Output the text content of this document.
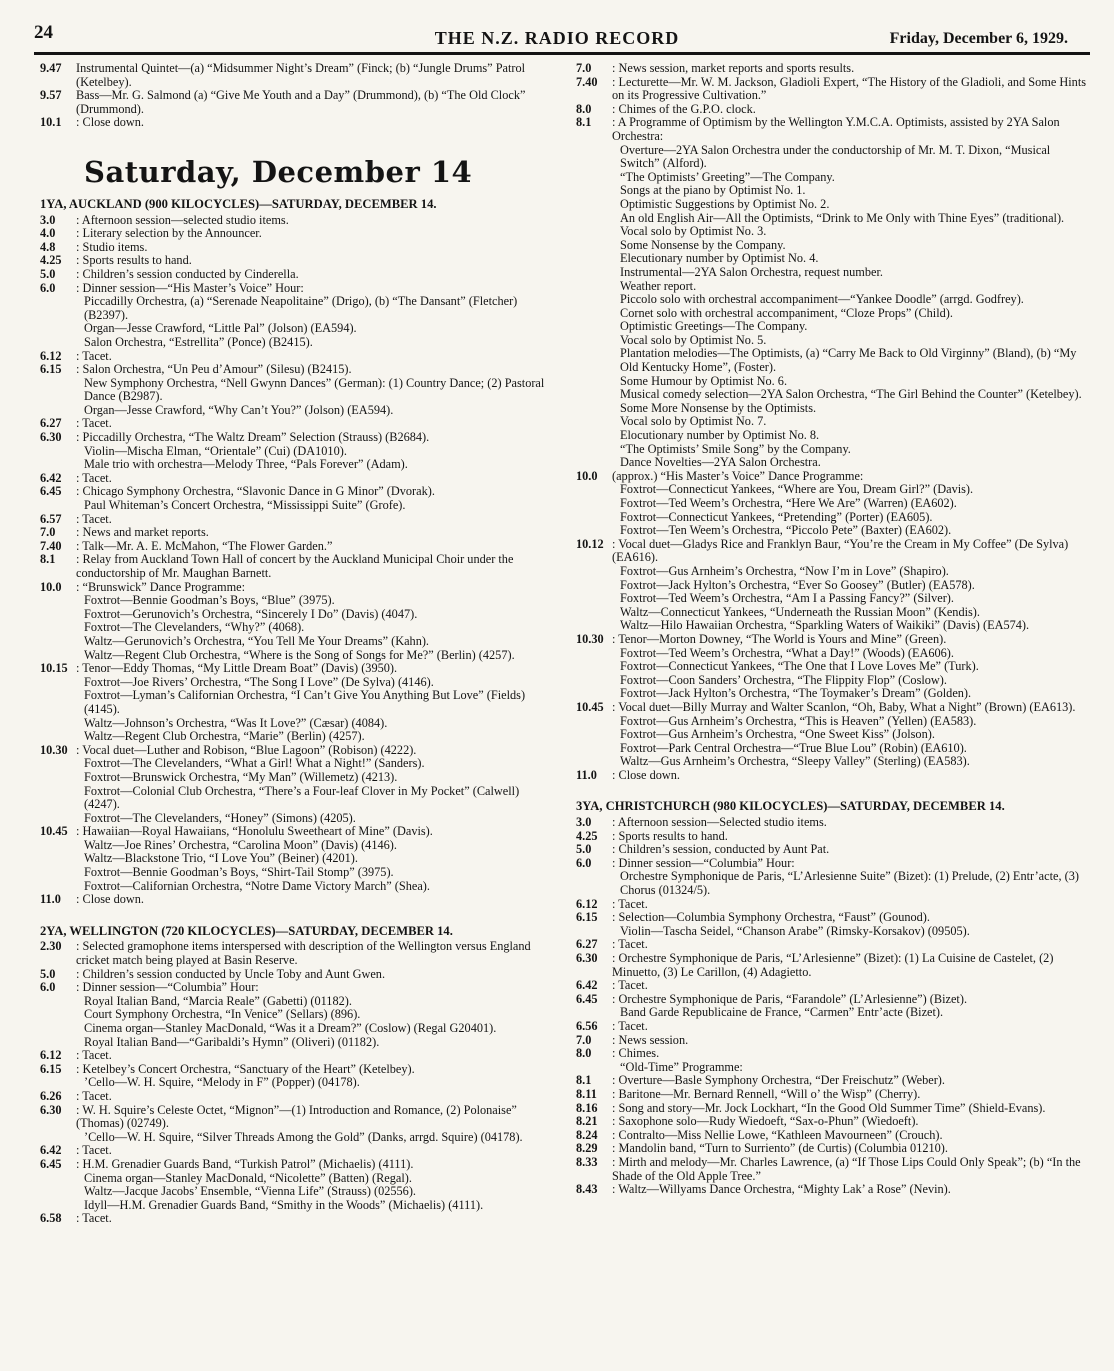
24	THE N.Z. RADIO RECORD	Friday, December 6, 1929.
9.47	Instrumental Quintet—(a) “Midsummer Night’s Dream” (Finck; (b) “Jungle Drums” Patrol (Ketelbey).
9.57	Bass—Mr. G. Salmond (a) “Give Me Youth and a Day” (Drummond), (b) “The Old Clock” (Drummond).
10.1	: Close down.
Saturday, December 14
1YA, AUCKLAND (900 KILOCYCLES)—SATURDAY, DECEMBER 14.
3.0	: Afternoon session—selected studio items.
4.0	: Literary selection by the Announcer.
4.8	: Studio items.
4.25	: Sports results to hand.
5.0	: Children’s session conducted by Cinderella.
6.0	: Dinner session—“His Master’s Voice” Hour:
Piccadilly Orchestra, (a) “Serenade Neapolitaine” (Drigo), (b) “The Dansant” (Fletcher) (B2397).
Organ—Jesse Crawford, “Little Pal” (Jolson) (EA594).
Salon Orchestra, “Estrellita” (Ponce) (B2415).
6.12	: Tacet.
6.15	: Salon Orchestra, “Un Peu d’Amour” (Silesu) (B2415).
New Symphony Orchestra, “Nell Gwynn Dances” (German): (1) Country Dance; (2) Pastoral Dance (B2987).
Organ—Jesse Crawford, “Why Can’t You?” (Jolson) (EA594).
6.27	: Tacet.
6.30	: Piccadilly Orchestra, “The Waltz Dream” Selection (Strauss) (B2684).
Violin—Mischa Elman, “Orientale” (Cui) (DA1010).
Male trio with orchestra—Melody Three, “Pals Forever” (Adam).
6.42	: Tacet.
6.45	: Chicago Symphony Orchestra, “Slavonic Dance in G Minor” (Dvorak).
Paul Whiteman’s Concert Orchestra, “Mississippi Suite” (Grofe).
6.57	: Tacet.
7.0	: News and market reports.
7.40	: Talk—Mr. A. E. McMahon, “The Flower Garden.”
8.1	: Relay from Auckland Town Hall of concert by the Auckland Municipal Choir under the conductorship of Mr. Maughan Barnett.
10.0	: “Brunswick” Dance Programme:
Foxtrot—Bennie Goodman’s Boys, “Blue” (3975).
Foxtrot—Gerunovich’s Orchestra, “Sincerely I Do” (Davis) (4047).
Foxtrot—The Clevelanders, “Why?” (4068).
Waltz—Gerunovich’s Orchestra, “You Tell Me Your Dreams” (Kahn).
Waltz—Regent Club Orchestra, “Where is the Song of Songs for Me?” (Berlin) (4257).
10.15 : Tenor—Eddy Thomas, “My Little Dream Boat” (Davis) (3950).
Foxtrot—Joe Rivers’ Orchestra, “The Song I Love” (De Sylva) (4146).
Foxtrot—Lyman’s Californian Orchestra, “I Can’t Give You Anything But Love” (Fields) (4145).
Waltz—Johnson’s Orchestra, “Was It Love?” (Cæsar) (4084).
Waltz—Regent Club Orchestra, “Marie” (Berlin) (4257).
10.30 : Vocal duet—Luther and Robison, “Blue Lagoon” (Robison) (4222).
Foxtrot—The Clevelanders, “What a Girl! What a Night!” (Sanders).
Foxtrot—Brunswick Orchestra, “My Man” (Willemetz) (4213).
Foxtrot—Colonial Club Orchestra, “There’s a Four-leaf Clover in My Pocket” (Calwell) (4247).
Foxtrot—The Clevelanders, “Honey” (Simons) (4205).
10.45 : Hawaiian—Royal Hawaiians, “Honolulu Sweetheart of Mine” (Davis).
Waltz—Joe Rines’ Orchestra, “Carolina Moon” (Davis) (4146).
Waltz—Blackstone Trio, “I Love You” (Beiner) (4201).
Foxtrot—Bennie Goodman’s Boys, “Shirt-Tail Stomp” (3975).
Foxtrot—Californian Orchestra, “Notre Dame Victory March” (Shea).
11.0	: Close down.
2YA, WELLINGTON (720 KILOCYCLES)—SATURDAY, DECEMBER 14.
2.30	: Selected gramophone items interspersed with description of the Wellington versus England cricket match being played at Basin Reserve.
5.0	: Children’s session conducted by Uncle Toby and Aunt Gwen.
6.0	: Dinner session—“Columbia” Hour:
Royal Italian Band, “Marcia Reale” (Gabetti) (01182).
Court Symphony Orchestra, “In Venice” (Sellars) (896).
Cinema organ—Stanley MacDonald, “Was it a Dream?” (Coslow) (Regal G20401).
Royal Italian Band—“Garibaldi’s Hymn” (Oliveri) (01182).
6.12	: Tacet.
6.15	: Ketelbey’s Concert Orchestra, “Sanctuary of the Heart” (Ketelbey).
’Cello—W. H. Squire, “Melody in F” (Popper) (04178).
6.26	: Tacet.
6.30	: W. H. Squire’s Celeste Octet, “Mignon”—(1) Introduction and Romance, (2) Polonaise” (Thomas) (02749).
’Cello—W. H. Squire, “Silver Threads Among the Gold” (Danks, arrgd. Squire) (04178).
6.42	: Tacet.
6.45	: H.M. Grenadier Guards Band, “Turkish Patrol” (Michaelis) (4111).
Cinema organ—Stanley MacDonald, “Nicolette” (Batten) (Regal).
Waltz—Jacque Jacobs’ Ensemble, “Vienna Life” (Strauss) (02556).
Idyll—H.M. Grenadier Guards Band, “Smithy in the Woods” (Michaelis) (4111).
6.58	: Tacet.
7.0	: News session, market reports and sports results.
7.40	: Lecturette—Mr. W. M. Jackson, Gladioli Expert, “The History of the Gladioli, and Some Hints on its Progressive Cultivation.”
8.0	: Chimes of the G.P.O. clock.
8.1	: A Programme of Optimism by the Wellington Y.M.C.A. Optimists, assisted by 2YA Salon Orchestra:
Overture—2YA Salon Orchestra under the conductorship of Mr. M. T. Dixon, “Musical Switch” (Alford).
“The Optimists’ Greeting”—The Company.
Songs at the piano by Optimist No. 1.
Optimistic Suggestions by Optimist No. 2.
An old English Air—All the Optimists, “Drink to Me Only with Thine Eyes” (traditional).
Vocal solo by Optimist No. 3.
Some Nonsense by the Company.
Elecutionary number by Optimist No. 4.
Instrumental—2YA Salon Orchestra, request number.
Weather report.
Piccolo solo with orchestral accompaniment—“Yankee Doodle” (arrgd. Godfrey).
Cornet solo with orchestral accompaniment, “Cloze Props” (Child).
Optimistic Greetings—The Company.
Vocal solo by Optimist No. 5.
Plantation melodies—The Optimists, (a) “Carry Me Back to Old Virginny” (Bland), (b) “My Old Kentucky Home”, (Foster).
Some Humour by Optimist No. 6.
Musical comedy selection—2YA Salon Orchestra, “The Girl Behind the Counter” (Ketelbey).
Some More Nonsense by the Optimists.
Vocal solo by Optimist No. 7.
Elocutionary number by Optimist No. 8.
“The Optimists’ Smile Song” by the Company.
Dance Novelties—2YA Salon Orchestra.
10.0	(approx.) “His Master’s Voice” Dance Programme:
Foxtrot—Connecticut Yankees, “Where are You, Dream Girl?” (Davis).
Foxtrot—Ted Weem’s Orchestra, “Here We Are” (Warren) (EA602).
Foxtrot—Connecticut Yankees, “Pretending” (Porter) (EA605).
Foxtrot—Ten Weem’s Orchestra, “Piccolo Pete” (Baxter) (EA602).
10.12 : Vocal duet—Gladys Rice and Franklyn Baur, “You’re the Cream in My Coffee” (De Sylva) (EA616).
Foxtrot—Gus Arnheim’s Orchestra, “Now I’m in Love” (Shapiro).
Foxtrot—Jack Hylton’s Orchestra, “Ever So Goosey” (Butler) (EA578).
Foxtrot—Ted Weem’s Orchestra, “Am I a Passing Fancy?” (Silver).
Waltz—Connecticut Yankees, “Underneath the Russian Moon” (Kendis).
Waltz—Hilo Hawaiian Orchestra, “Sparkling Waters of Waikiki” (Davis) (EA574).
10.30 : Tenor—Morton Downey, “The World is Yours and Mine” (Green).
Foxtrot—Ted Weem’s Orchestra, “What a Day!” (Woods) (EA606).
Foxtrot—Connecticut Yankees, “The One that I Love Loves Me” (Turk).
Foxtrot—Coon Sanders’ Orchestra, “The Flippity Flop” (Coslow).
Foxtrot—Jack Hylton’s Orchestra, “The Toymaker’s Dream” (Golden).
10.45 : Vocal duet—Billy Murray and Walter Scanlon, “Oh, Baby, What a Night” (Brown) (EA613).
Foxtrot—Gus Arnheim’s Orchestra, “This is Heaven” (Yellen) (EA583).
Foxtrot—Gus Arnheim’s Orchestra, “One Sweet Kiss” (Jolson).
Foxtrot—Park Central Orchestra—“True Blue Lou” (Robin) (EA610).
Waltz—Gus Arnheim’s Orchestra, “Sleepy Valley” (Sterling) (EA583).
11.0	: Close down.
3YA, CHRISTCHURCH (980 KILOCYCLES)—SATURDAY, DECEMBER 14.
3.0	: Afternoon session—Selected studio items.
4.25	: Sports results to hand.
5.0	: Children’s session, conducted by Aunt Pat.
6.0	: Dinner session—“Columbia” Hour:
Orchestre Symphonique de Paris, “L’Arlesienne Suite” (Bizet): (1) Prelude, (2) Entr’acte, (3) Chorus (01324/5).
6.12	: Tacet.
6.15	: Selection—Columbia Symphony Orchestra, “Faust” (Gounod).
Violin—Tascha Seidel, “Chanson Arabe” (Rimsky-Korsakov) (09505).
6.27	: Tacet.
6.30	: Orchestre Symphonique de Paris, “L’Arlesienne” (Bizet): (1) La Cuisine de Castelet, (2) Minuetto, (3) Le Carillon, (4) Adagietto.
6.42	: Tacet.
6.45	: Orchestre Symphonique de Paris, “Farandole” (L’Arlesienne”) (Bizet).
Band Garde Republicaine de France, “Carmen” Entr’acte (Bizet).
6.56	: Tacet.
7.0	: News session.
8.0	: Chimes.
“Old-Time” Programme:
8.1	: Overture—Basle Symphony Orchestra, “Der Freischutz” (Weber).
8.11	: Baritone—Mr. Bernard Rennell, “Will o’ the Wisp” (Cherry).
8.16	: Song and story—Mr. Jock Lockhart, “In the Good Old Summer Time” (Shield-Evans).
8.21	: Saxophone solo—Rudy Wiedoeft, “Sax-o-Phun” (Wiedoeft).
8.24	: Contralto—Miss Nellie Lowe, “Kathleen Mavourneen” (Crouch).
8.29	: Mandolin band, “Turn to Surriento” (de Curtis) (Columbia 01210).
8.33	: Mirth and melody—Mr. Charles Lawrence, (a) “If Those Lips Could Only Speak”; (b) “In the Shade of the Old Apple Tree.”
8.43	: Waltz—Willyams Dance Orchestra, “Mighty Lak’ a Rose” (Nevin).
